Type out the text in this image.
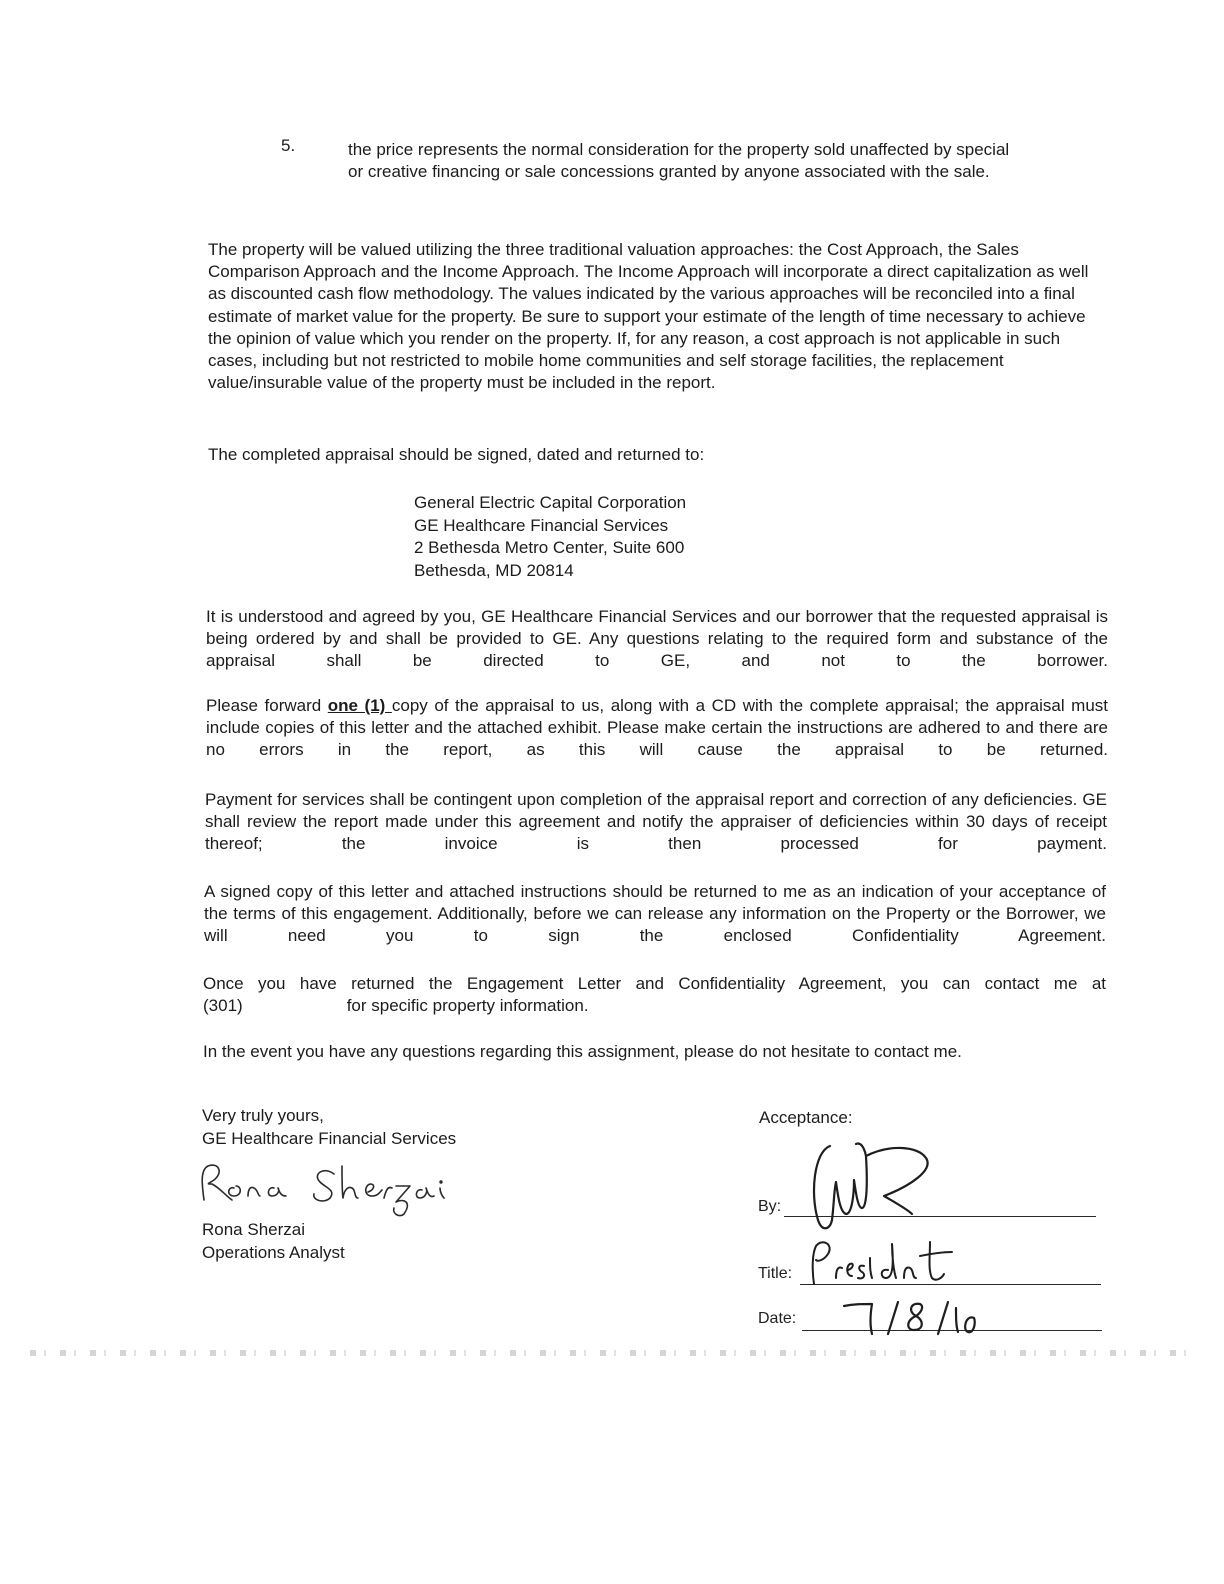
5.	the price represents the normal consideration for the property sold unaffected by special
or creative financing or sale concessions granted by anyone associated with the sale.

The property will be valued utilizing the three traditional valuation approaches: the Cost Approach, the Sales Comparison Approach and the Income Approach. The Income Approach will incorporate a direct capitalization as well as discounted cash flow methodology. The values indicated by the various approaches will be reconciled into a final estimate of market value for the property. Be sure to support your estimate of the length of time necessary to achieve the opinion of value which you render on the property. If, for any reason, a cost approach is not applicable in such cases, including but not restricted to mobile home communities and self storage facilities, the replacement value/insurable value of the property must be included in the report.

The completed appraisal should be signed, dated and returned to:

General Electric Capital Corporation
GE Healthcare Financial Services
2 Bethesda Metro Center, Suite 600
Bethesda, MD 20814

It is understood and agreed by you, GE Healthcare Financial Services and our borrower that the requested appraisal is being ordered by and shall be provided to GE. Any questions relating to the required form and substance of the appraisal shall be directed to GE, and not to the borrower.

Please forward one (1) copy of the appraisal to us, along with a CD with the complete appraisal; the appraisal must include copies of this letter and the attached exhibit. Please make certain the instructions are adhered to and there are no errors in the report, as this will cause the appraisal to be returned.

Payment for services shall be contingent upon completion of the appraisal report and correction of any deficiencies. GE shall review the report made under this agreement and notify the appraiser of deficiencies within 30 days of receipt thereof; the invoice is then processed for payment.

A signed copy of this letter and attached instructions should be returned to me as an indication of your acceptance of the terms of this engagement. Additionally, before we can release any information on the Property or the Borrower, we will need you to sign the enclosed Confidentiality Agreement.

Once you have returned the Engagement Letter and Confidentiality Agreement, you can contact me at
(301)	for specific property information.

In the event you have any questions regarding this assignment, please do not hesitate to contact me.

Very truly yours,
GE Healthcare Financial Services
Rona Sherzai
Operations Analyst
Acceptance:
By:
Title:
Date:
